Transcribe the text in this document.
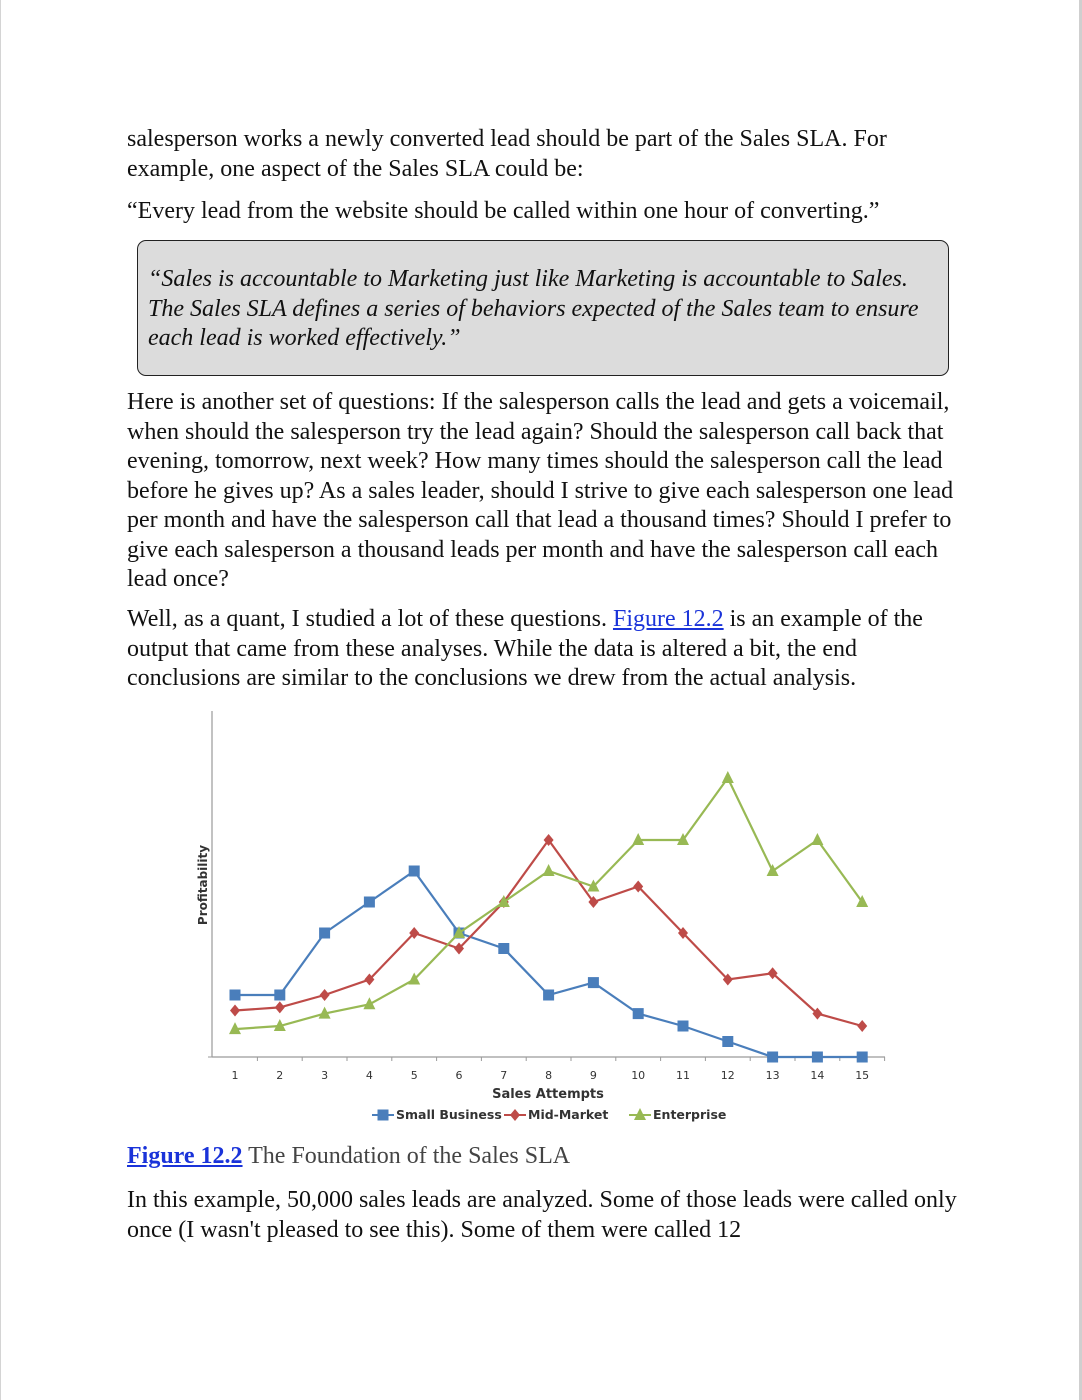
salesperson works a newly converted lead should be part of the Sales SLA. For example, one aspect of the Sales SLA could be:

“Every lead from the website should be called within one hour of converting.”

“Sales is accountable to Marketing just like Marketing is accountable to Sales. The Sales SLA defines a series of behaviors expected of the Sales team to ensure each lead is worked effectively.”

Here is another set of questions: If the salesperson calls the lead and gets a voicemail, when should the salesperson try the lead again? Should the salesperson call back that evening, tomorrow, next week? How many times should the salesperson call the lead before he gives up? As a sales leader, should I strive to give each salesperson one lead per month and have the salesperson call that lead a thousand times? Should I prefer to give each salesperson a thousand leads per month and have the salesperson call each lead once?

Well, as a quant, I studied a lot of these questions. Figure 12.2 is an example of the output that came from these analyses. While the data is altered a bit, the end conclusions are similar to the conclusions we drew from the actual analysis.

1	2	3	4	5	6	7	8	9	10	11	12	13	14	15
Sales Attempts
Profitability
Small Business Mid-Market	Enterprise
Figure 12.2 The Foundation of the Sales SLA

In this example, 50,000 sales leads are analyzed. Some of those leads were called only once (I wasn't pleased to see this). Some of them were called 12
